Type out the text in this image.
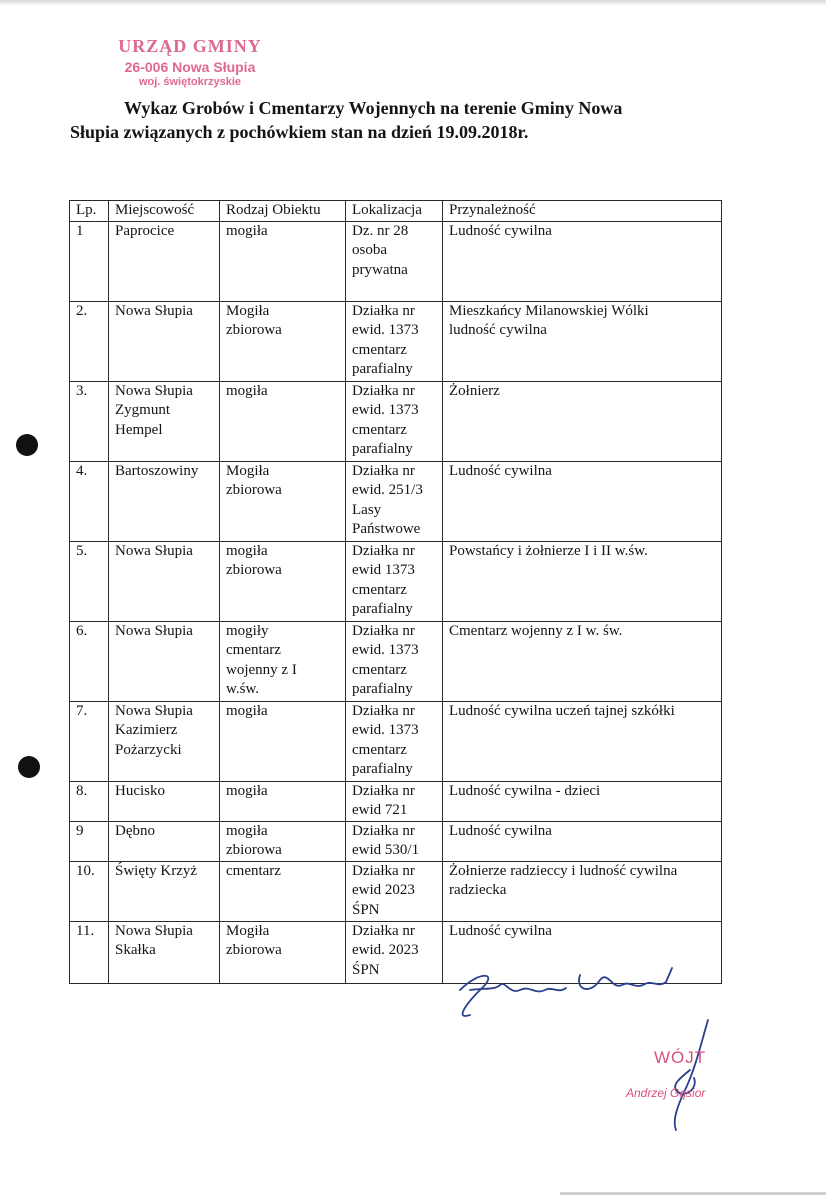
URZĄD GMINY
26-006 Nowa Słupia
woj. świętokrzyskie
Wykaz Grobów i Cmentarzy Wojennych na terenie Gminy Nowa
Słupia związanych z pochówkiem stan na dzień 19.09.2018r.
Lp.	Miejscowość	Rodzaj Obiektu	Lokalizacja	Przynależność
1	Paprocice	mogiła	Dz. nr 28
osoba
prywatna	Ludność cywilna
2.	Nowa Słupia	Mogiła
zbiorowa	Działka nr
ewid. 1373
cmentarz
parafialny	Mieszkańcy Milanowskiej Wólki
ludność cywilna
3.	Nowa Słupia
Zygmunt
Hempel	mogiła	Działka nr
ewid. 1373
cmentarz
parafialny	Żołnierz
4.	Bartoszowiny	Mogiła
zbiorowa	Działka nr
ewid. 251/3
Lasy
Państwowe	Ludność cywilna
5.	Nowa Słupia	mogiła
zbiorowa	Działka nr
ewid 1373
cmentarz
parafialny	Powstańcy i żołnierze I i II w.św.
6.	Nowa Słupia	mogiły
cmentarz
wojenny z I
w.św.	Działka nr
ewid. 1373
cmentarz
parafialny	Cmentarz wojenny z I w. św.
7.	Nowa Słupia
Kazimierz
Pożarzycki	mogiła	Działka nr
ewid. 1373
cmentarz
parafialny	Ludność cywilna uczeń tajnej szkółki
8.	Hucisko	mogiła	Działka nr
ewid 721	Ludność cywilna - dzieci
9	Dębno	mogiła
zbiorowa	Działka nr
ewid 530/1	Ludność cywilna
10.	Święty Krzyż	cmentarz	Działka nr
ewid 2023
ŚPN	Żołnierze radzieccy i ludność cywilna
radziecka
11.	Nowa Słupia
Skałka	Mogiła
zbiorowa	Działka nr
ewid. 2023
ŚPN	Ludność cywilna
WÓJT
Andrzej Gąsior
